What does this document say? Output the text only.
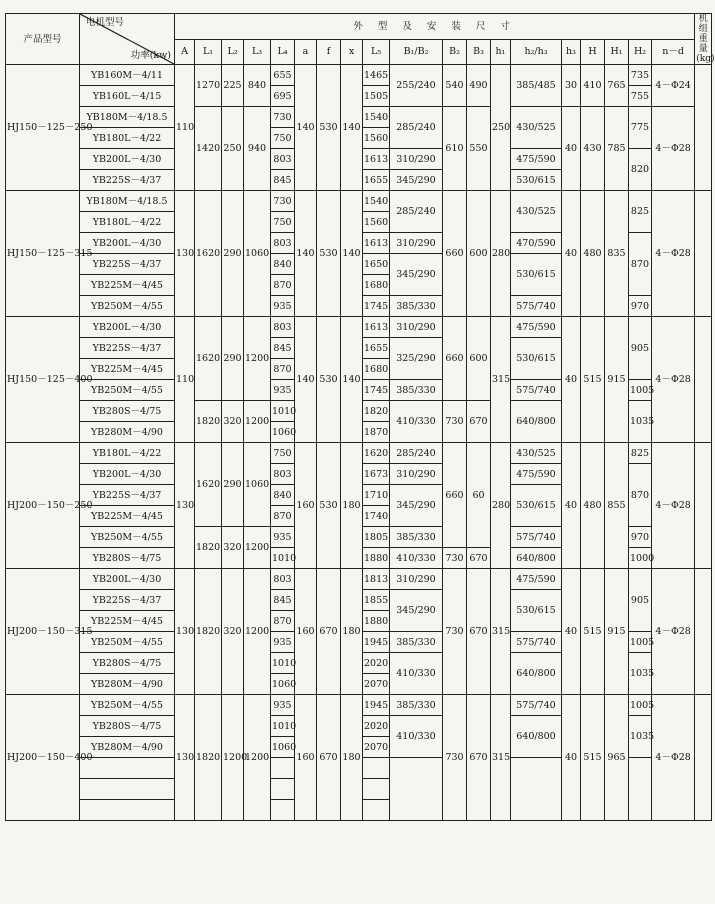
产品型号	电机型号
功率(kw)	外 型 及 安 装 尺 寸																			机组重量(kg)
		A	L₁	L₂	L₃	L₄	a	f	x	L₅	B₁/B₂	B₂	B₃	h₁	h₂/h₃	h₃	H	H₁	H₂	n－d	
HJ150－125－250	YB160M－4/11	110	1270	225	840	655	140	530	140	1465	255/240	540	490	250	385/485	30	410	765	735	4－Φ24	
	YB160L－4/15					695				1505									755		
	YB180M－4/18.5		1420	250	940	730				1540	285/240	610	550		430/525	40	430	785	775	4－Φ28	
	YB180L－4/22					750				1560											
	YB200L－4/30					803				1613	310/290				475/590				820		
	YB225S－4/37					845				1655	345/290				530/615						
HJ150－125－315	YB180M－4/18.5	130	1620	290	1060	730	140	530	140	1540	285/240	660	600	280	430/525	40	480	835	825	4－Φ28	
	YB180L－4/22					750				1560											
	YB200L－4/30					803				1613	310/290				470/590				870		
	YB225S－4/37					840				1650	345/290				530/615						
	YB225M－4/45					870				1680											
	YB250M－4/55					935				1745	385/330				575/740				970		
HJ150－125－400	YB200L－4/30	110	1620	290	1200	803	140	530	140	1613	310/290	660	600	315	475/590	40	515	915	905	4－Φ28	
	YB225S－4/37					845				1655	325/290				530/615						
	YB225M－4/45					870				1680											
	YB250M－4/55					935				1745	385/330				575/740				1005		
	YB280S－4/75		1820	320	1200	1010				1820	410/330	730	670		640/800				1035		
	YB280M－4/90					1060				1870											
HJ200－150－250	YB180L－4/22	130	1620	290	1060	750	160	530	180	1620	285/240	660	60	280	430/525	40	480	855	825	4－Φ28	
	YB200L－4/30					803				1673	310/290				475/590				870		
	YB225S－4/37					840				1710	345/290				530/615						
	YB225M－4/45					870				1740											
	YB250M－4/55		1820	320	1200	935				1805	385/330				575/740				970		
	YB280S－4/75					1010				1880	410/330	730	670		640/800				1000		
HJ200－150－315	YB200L－4/30	130	1820	320	1200	803	160	670	180	1813	310/290	730	670	315	475/590	40	515	915	905	4－Φ28	
	YB225S－4/37					845				1855	345/290				530/615						
	YB225M－4/45					870				1880											
	YB250M－4/55					935				1945	385/330				575/740				1005		
	YB280S－4/75					1010				2020	410/330				640/800				1035		
	YB280M－4/90					1060				2070											
HJ200－150－400	YB250M－4/55	130	1820	1200	1200	935	160	670	180	1945	385/330	730	670	315	575/740	40	515	965	1005	4－Φ28	
	YB280S－4/75					1010				2020	410/330				640/800				1035		
	YB280M－4/90					1060				2070											
